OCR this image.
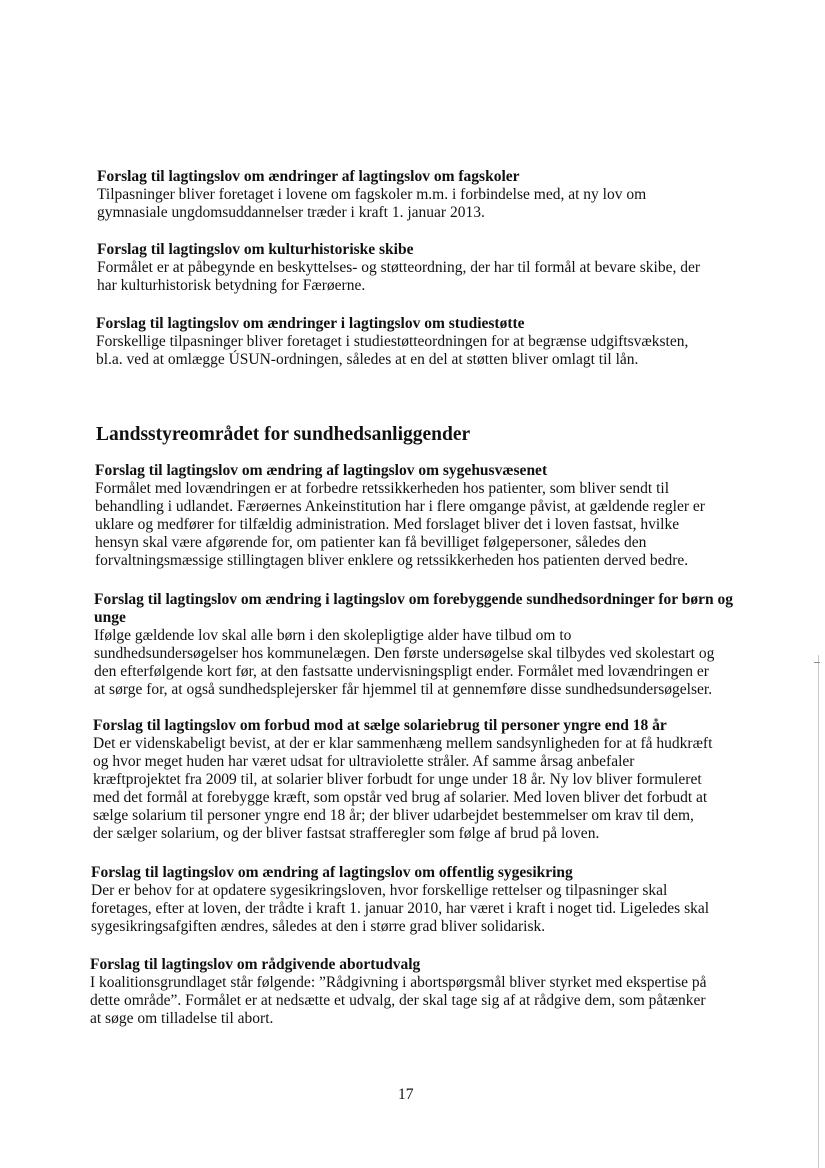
Forslag til lagtingslov om ændringer af lagtingslov om fagskoler

Tilpasninger bliver foretaget i lovene om fagskoler m.m. i forbindelse med, at ny lov om
gymnasiale ungdomsuddannelser træder i kraft 1. januar 2013.

Forslag til lagtingslov om kulturhistoriske skibe

Formålet er at påbegynde en beskyttelses- og støtteordning, der har til formål at bevare skibe, der
har kulturhistorisk betydning for Færøerne.

Forslag til lagtingslov om ændringer i lagtingslov om studiestøtte

Forskellige tilpasninger bliver foretaget i studiestøtteordningen for at begrænse udgiftsvæksten,
bl.a. ved at omlægge ÚSUN-ordningen, således at en del at støtten bliver omlagt til lån.

Landsstyreområdet for sundhedsanliggender

Forslag til lagtingslov om ændring af lagtingslov om sygehusvæsenet

Formålet med lovændringen er at forbedre retssikkerheden hos patienter, som bliver sendt til
behandling i udlandet. Færøernes Ankeinstitution har i flere omgange påvist, at gældende regler er
uklare og medfører for tilfældig administration. Med forslaget bliver det i loven fastsat, hvilke
hensyn skal være afgørende for, om patienter kan få bevilliget følgepersoner, således den
forvaltningsmæssige stillingtagen bliver enklere og retssikkerheden hos patienten derved bedre.

Forslag til lagtingslov om ændring i lagtingslov om forebyggende sundhedsordninger for børn og unge

Ifølge gældende lov skal alle børn i den skolepligtige alder have tilbud om to
sundhedsundersøgelser hos kommunelægen. Den første undersøgelse skal tilbydes ved skolestart og
den efterfølgende kort før, at den fastsatte undervisningspligt ender. Formålet med lovændringen er
at sørge for, at også sundhedsplejersker får hjemmel til at gennemføre disse sundhedsundersøgelser.

Forslag til lagtingslov om forbud mod at sælge solariebrug til personer yngre end 18 år

Det er videnskabeligt bevist, at der er klar sammenhæng mellem sandsynligheden for at få hudkræft
og hvor meget huden har været udsat for ultraviolette stråler. Af samme årsag anbefaler
kræftprojektet fra 2009 til, at solarier bliver forbudt for unge under 18 år. Ny lov bliver formuleret
med det formål at forebygge kræft, som opstår ved brug af solarier. Med loven bliver det forbudt at
sælge solarium til personer yngre end 18 år; der bliver udarbejdet bestemmelser om krav til dem,
der sælger solarium, og der bliver fastsat strafferegler som følge af brud på loven.

Forslag til lagtingslov om ændring af lagtingslov om offentlig sygesikring

Der er behov for at opdatere sygesikringsloven, hvor forskellige rettelser og tilpasninger skal
foretages, efter at loven, der trådte i kraft 1. januar 2010, har været i kraft i noget tid. Ligeledes skal
sygesikringsafgiften ændres, således at den i større grad bliver solidarisk.

Forslag til lagtingslov om rådgivende abortudvalg

I koalitionsgrundlaget står følgende: ”Rådgivning i abortspørgsmål bliver styrket med ekspertise på
dette område”. Formålet er at nedsætte et udvalg, der skal tage sig af at rådgive dem, som påtænker
at søge om tilladelse til abort.

17
